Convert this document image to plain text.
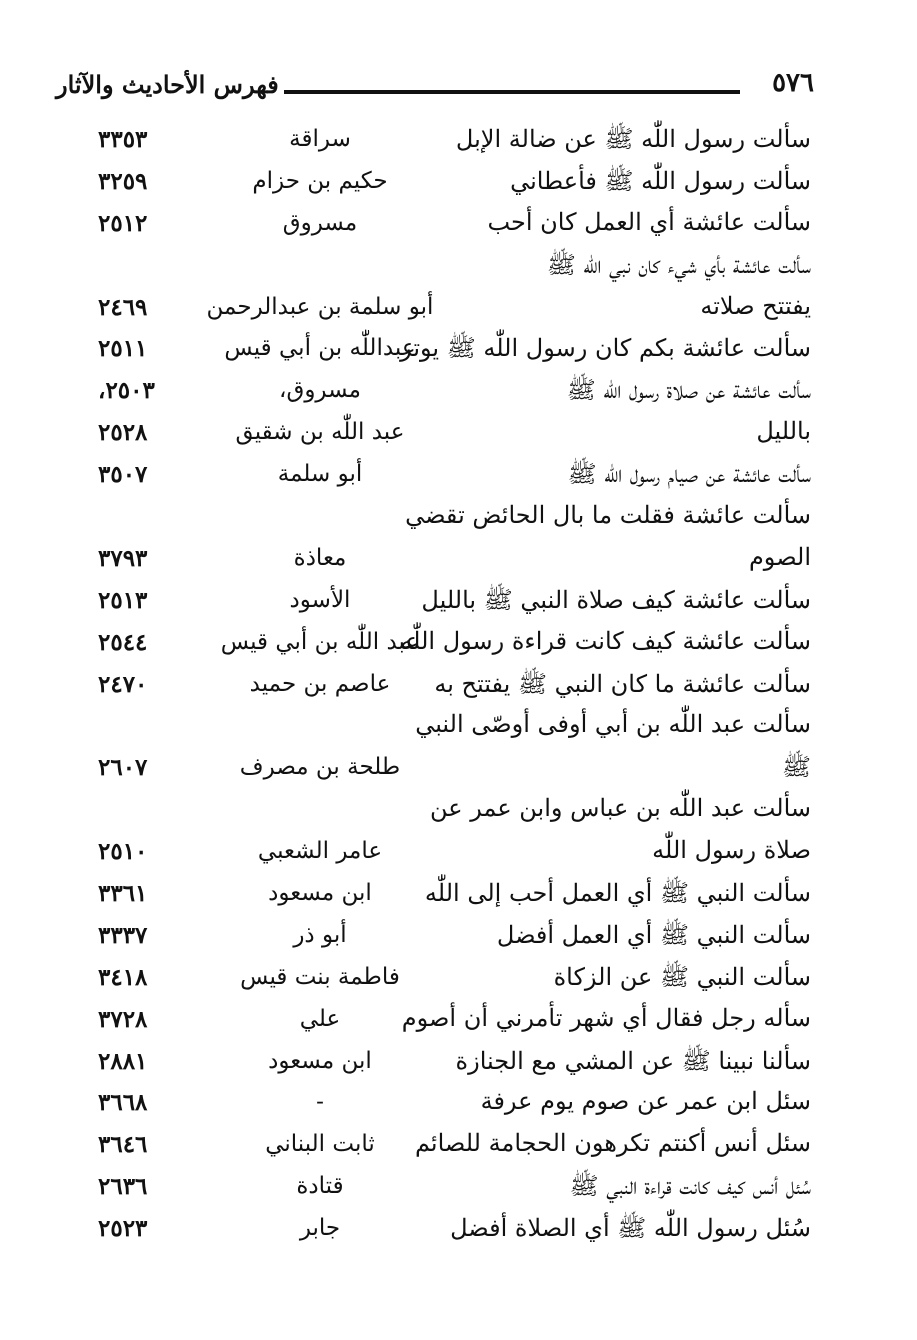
٥٧٦
فهرس الأحاديث والآثار
سألت رسول اللّٰه ﷺ عن ضالة الإبل
سراقة
٣٣٥٣
سألت رسول اللّٰه ﷺ فأعطاني
حكيم بن حزام
٣٢٥٩
سألت عائشة أي العمل كان أحب
مسروق
٢٥١٢
سألت عائشة بأي شيء كان نبي اللّٰه ﷺ
يفتتح صلاته
أبو سلمة بن عبدالرحمن
٢٤٦٩
سألت عائشة بكم كان رسول اللّٰه ﷺ يوتر
عبداللّٰه بن أبي قيس
٢٥١١
سألت عائشة عن صلاة رسول اللّٰه ﷺ
مسروق،
٢٥٠٣،
بالليل
عبد اللّٰه بن شقيق
٢٥٢٨
سألت عائشة عن صيام رسول اللّٰه ﷺ
أبو سلمة
٣٥٠٧
سألت عائشة فقلت ما بال الحائض تقضي
الصوم
معاذة
٣٧٩٣
سألت عائشة كيف صلاة النبي ﷺ بالليل
الأسود
٢٥١٣
سألت عائشة كيف كانت قراءة رسول اللّٰه
عبد اللّٰه بن أبي قيس
٢٥٤٤
سألت عائشة ما كان النبي ﷺ يفتتح به
عاصم بن حميد
٢٤٧٠
سألت عبد اللّٰه بن أبي أوفى أوصّى النبي
ﷺ
طلحة بن مصرف
٢٦٠٧
سألت عبد اللّٰه بن عباس وابن عمر عن
صلاة رسول اللّٰه
عامر الشعبي
٢٥١٠
سألت النبي ﷺ أي العمل أحب إلى اللّٰه
ابن مسعود
٣٣٦١
سألت النبي ﷺ أي العمل أفضل
أبو ذر
٣٣٣٧
سألت النبي ﷺ عن الزكاة
فاطمة بنت قيس
٣٤١٨
سأله رجل فقال أي شهر تأمرني أن أصوم
علي
٣٧٢٨
سألنا نبينا ﷺ عن المشي مع الجنازة
ابن مسعود
٢٨٨١
سئل ابن عمر عن صوم يوم عرفة
-
٣٦٦٨
سئل أنس أكنتم تكرهون الحجامة للصائم
ثابت البناني
٣٦٤٦
سُئل أنس كيف كانت قراءة النبي ﷺ
قتادة
٢٦٣٦
سُئل رسول اللّٰه ﷺ أي الصلاة أفضل
جابر
٢٥٢٣
